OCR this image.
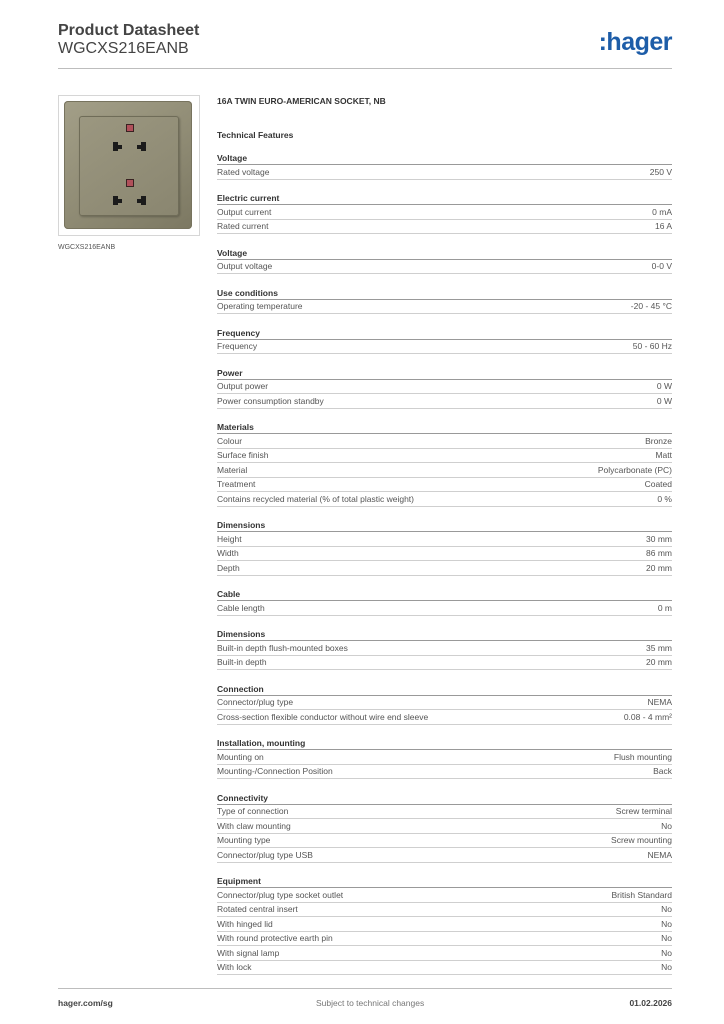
Product Datasheet
WGCXS216EANB	:hager
WGCXS216EANB
16A TWIN EURO-AMERICAN SOCKET, NB
Technical Features
Voltage
Rated voltage	250 V
Electric current
Output current	0 mA
Rated current	16 A
Voltage
Output voltage	0-0 V
Use conditions
Operating temperature	-20 - 45 °C
Frequency
Frequency	50 - 60 Hz
Power
Output power	0 W
Power consumption standby	0 W
Materials
Colour	Bronze
Surface finish	Matt
Material	Polycarbonate (PC)
Treatment	Coated
Contains recycled material (% of total plastic weight)	0 %
Dimensions
Height	30 mm
Width	86 mm
Depth	20 mm
Cable
Cable length	0 m
Dimensions
Built-in depth flush-mounted boxes	35 mm
Built-in depth	20 mm
Connection
Connector/plug type	NEMA
Cross-section flexible conductor without wire end sleeve	0.08 - 4 mm²
Installation, mounting
Mounting on	Flush mounting
Mounting-/Connection Position	Back
Connectivity
Type of connection	Screw terminal
With claw mounting	No
Mounting type	Screw mounting
Connector/plug type USB	NEMA
Equipment
Connector/plug type socket outlet	British Standard
Rotated central insert	No
With hinged lid	No
With round protective earth pin	No
With signal lamp	No
With lock	No
hager.com/sg	Subject to technical changes	01.02.2026
